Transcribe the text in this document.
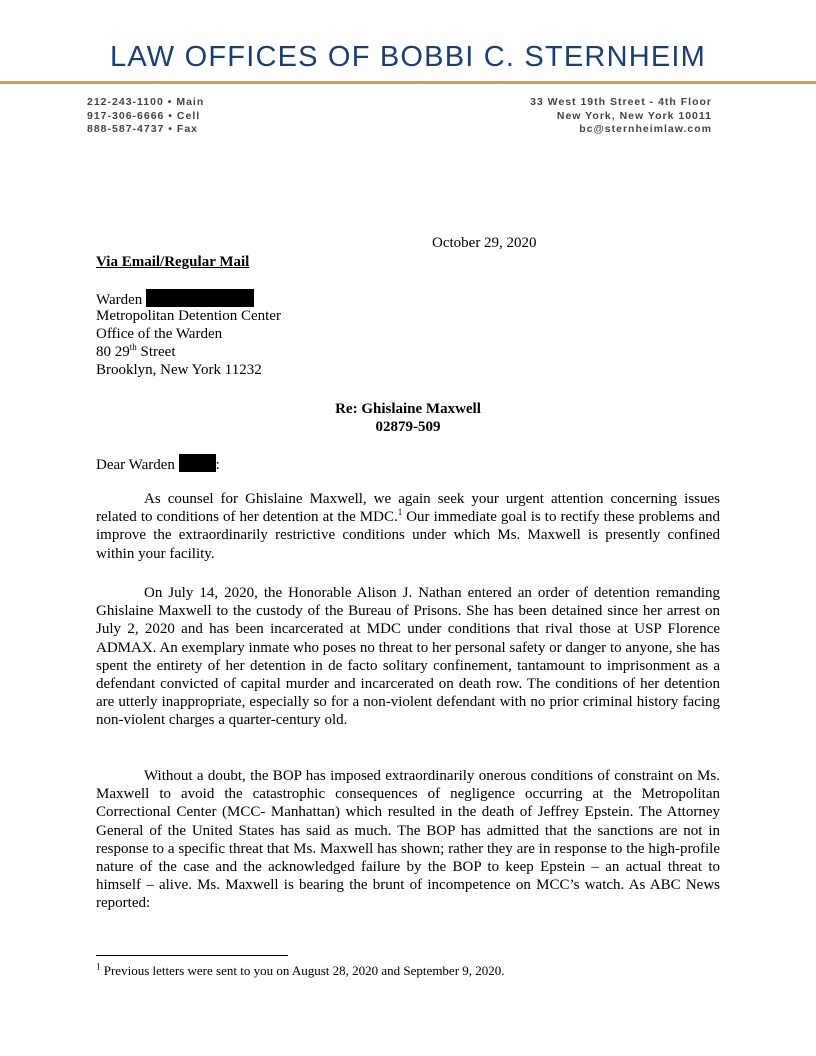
LAW OFFICES OF BOBBI C. STERNHEIM
212-243-1100 • Main
917-306-6666 • Cell
888-587-4737 • Fax
33 West 19th Street - 4th Floor
New York, New York 10011
bc@sternheimlaw.com
October 29, 2020
Via Email/Regular Mail
Warden
Metropolitan Detention Center
Office of the Warden
80 29th Street
Brooklyn, New York 11232
Re: Ghislaine Maxwell
02879-509
Dear Warden	:

As counsel for Ghislaine Maxwell, we again seek your urgent attention concerning issues related to conditions of her detention at the MDC.$^1$ Our immediate goal is to rectify these problems and improve the extraordinarily restrictive conditions under which Ms. Maxwell is presently confined within your facility.

On July 14, 2020, the Honorable Alison J. Nathan entered an order of detention remanding Ghislaine Maxwell to the custody of the Bureau of Prisons. She has been detained since her arrest on July 2, 2020 and has been incarcerated at MDC under conditions that rival those at USP Florence ADMAX. An exemplary inmate who poses no threat to her personal safety or danger to anyone, she has spent the entirety of her detention in de facto solitary confinement, tantamount to imprisonment as a defendant convicted of capital murder and incarcerated on death row. The conditions of her detention are utterly inappropriate, especially so for a non-violent defendant with no prior criminal history facing non-violent charges a quarter-century old.

Without a doubt, the BOP has imposed extraordinarily onerous conditions of constraint on Ms. Maxwell to avoid the catastrophic consequences of negligence occurring at the Metropolitan Correctional Center (MCC- Manhattan) which resulted in the death of Jeffrey Epstein. The Attorney General of the United States has said as much. The BOP has admitted that the sanctions are not in response to a specific threat that Ms. Maxwell has shown; rather they are in response to the high-profile nature of the case and the acknowledged failure by the BOP to keep Epstein – an actual threat to himself – alive. Ms. Maxwell is bearing the brunt of incompetence on MCC’s watch. As ABC News reported:

$^1$ Previous letters were sent to you on August 28, 2020 and September 9, 2020.
